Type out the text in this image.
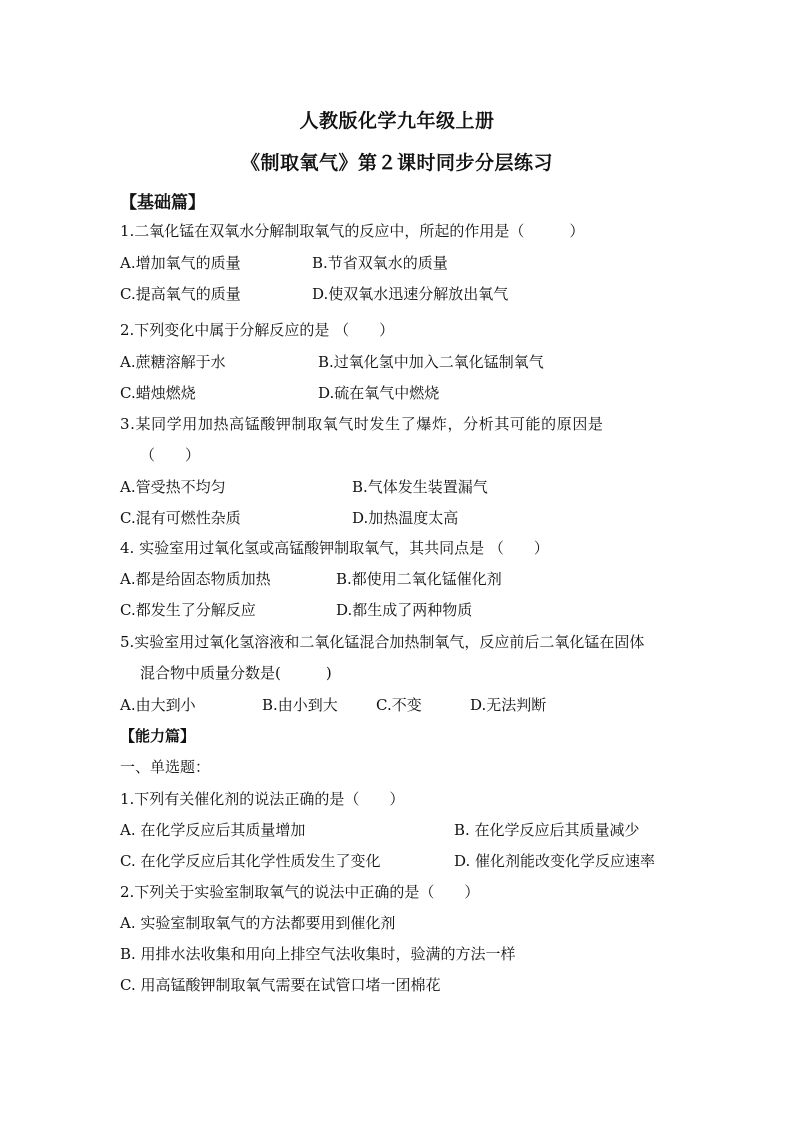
人教版化学九年级上册
《制取氧气》第２课时同步分层练习
【基础篇】
1.二氧化锰在双氧水分解制取氧气的反应中，所起的作用是（　　　）
A.增加氧气的质量	B.节省双氧水的质量
C.提高氧气的质量	D.使双氧水迅速分解放出氧气
2.下列变化中属于分解反应的是 （　　）
A.蔗糖溶解于水	B.过氧化氢中加入二氧化锰制氧气
C.蜡烛燃烧	D.硫在氧气中燃烧
3.某同学用加热高锰酸钾制取氧气时发生了爆炸，分析其可能的原因是
（　　）
A.管受热不均匀	B.气体发生装置漏气
C.混有可燃性杂质	D.加热温度太高
4. 实验室用过氧化氢或高锰酸钾制取氧气，其共同点是 （　　）
A.都是给固态物质加热	B.都使用二氧化锰催化剂
C.都发生了分解反应	D.都生成了两种物质
5.实验室用过氧化氢溶液和二氧化锰混合加热制氧气，反应前后二氧化锰在固体
混合物中质量分数是(　　　)
A.由大到小	B.由小到大	C.不变	D.无法判断
【能力篇】
一、单选题：
1.下列有关催化剂的说法正确的是（　　）
A. 在化学反应后其质量增加	B. 在化学反应后其质量减少
C. 在化学反应后其化学性质发生了变化	D. 催化剂能改变化学反应速率
2.下列关于实验室制取氧气的说法中正确的是（　　）
A. 实验室制取氧气的方法都要用到催化剂
B. 用排水法收集和用向上排空气法收集时，验满的方法一样
C. 用高锰酸钾制取氧气需要在试管口堵一团棉花
